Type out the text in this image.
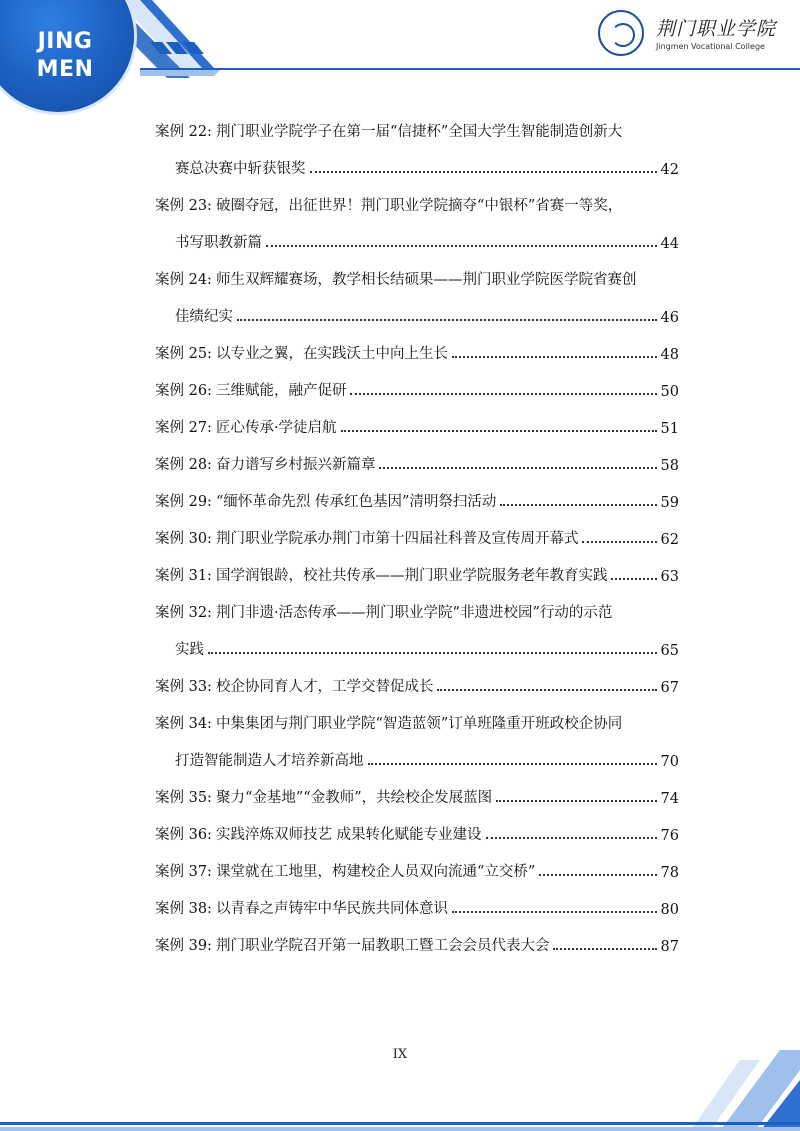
JING
MEN
荆门职业学院
Jingmen Vocational College
案例 22: 荆门职业学院学子在第一届“信捷杯”全国大学生智能制造创新大
赛总决赛中斩获银奖	42
案例 23: 破圈夺冠，出征世界！荆门职业学院摘夺“中银杯”省赛一等奖，
书写职教新篇	44
案例 24: 师生双辉耀赛场，教学相长结硕果——荆门职业学院医学院省赛创
佳绩纪实	46
案例 25: 以专业之翼，在实践沃土中向上生长	48
案例 26: 三维赋能，融产促研	50
案例 27: 匠心传承·学徒启航	51
案例 28: 奋力谱写乡村振兴新篇章	58
案例 29: “缅怀革命先烈 传承红色基因”清明祭扫活动	59
案例 30: 荆门职业学院承办荆门市第十四届社科普及宣传周开幕式	62
案例 31: 国学润银龄，校社共传承——荆门职业学院服务老年教育实践	63
案例 32: 荆门非遗·活态传承——荆门职业学院“非遗进校园”行动的示范
实践	65
案例 33: 校企协同育人才，工学交替促成长	67
案例 34: 中集集团与荆门职业学院“智造蓝领”订单班隆重开班政校企协同
打造智能制造人才培养新高地	70
案例 35: 聚力“金基地”“金教师”，共绘校企发展蓝图	74
案例 36: 实践淬炼双师技艺 成果转化赋能专业建设	76
案例 37: 课堂就在工地里，构建校企人员双向流通“立交桥”	78
案例 38: 以青春之声铸牢中华民族共同体意识	80
案例 39: 荆门职业学院召开第一届教职工暨工会会员代表大会	87
IX
